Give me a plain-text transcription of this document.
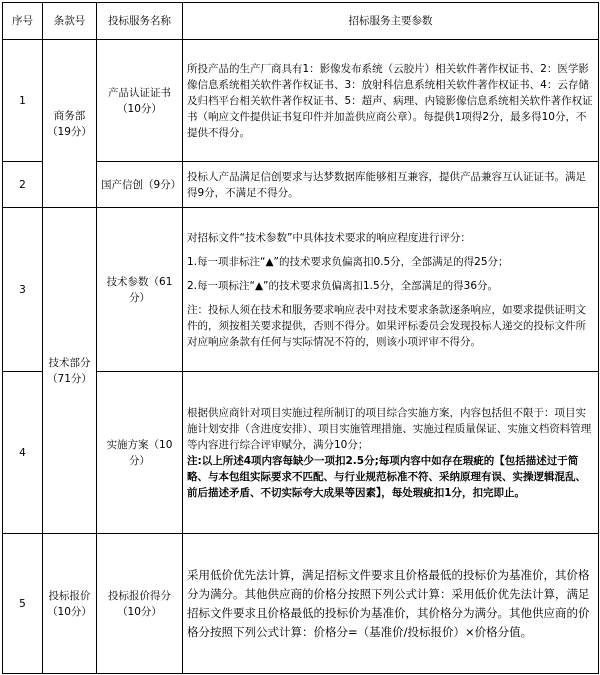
序号	条款号	投标服务名称	招标服务主要参数
1	商务部（19分）	产品认证证书（10分）	所投产品的生产厂商具有1：影像发布系统（云胶片）相关软件著作权证书、2：医学影像信息系统相关软件著作权证书、3：放射科信息系统相关软件著作权证书、4：云存储及归档平台相关软件著作权证书、5：超声、病理、内镜影像信息系统相关软件著作权证书（响应文件提供证书复印件并加盖供应商公章）。每提供1项得2分，最多得10分，不提供不得分。
2		国产信创（9分）	投标人产品满足信创要求与达梦数据库能够相互兼容，提供产品兼容互认证证书。满足得9分，不满足不得分。
3	技术部分（71分）	技术参数（61分）	对招标文件“技术参数”中具体技术要求的响应程度进行评分：

1.每一项非标注“▲”的技术要求负偏离扣0.5分，全部满足的得25分；

2.每一项标注“▲”的技术要求负偏离扣1.5分，全部满足的得36分。

注：投标人须在技术和服务要求响应表中对技术要求条款逐条响应，如要求提供证明文件的，须按相关要求提供，否则不得分。如果评标委员会发现投标人递交的投标文件所对应响应条款有任何与实际情况不符的，则该小项评审不得分。

4		实施方案（10分）	根据供应商针对项目实施过程所制订的项目综合实施方案，内容包括但不限于：项目实施计划安排（含进度安排）、项目实施管理措施、实施过程质量保证、实施文档资料管理等内容进行综合评审赋分，满分10分；

注:以上所述4项内容每缺少一项扣2.5分;每项内容中如存在瑕疵的【包括描述过于简略、与本包组实际要求不匹配、与行业规范标准不符、采纳原理有误、实操逻辑混乱、前后描述矛盾、不切实际夸大成果等因素】，每处瑕疵扣1分，扣完即止。

5	投标报价（10分）	投标报价得分（10分）	采用低价优先法计算，满足招标文件要求且价格最低的投标价为基准价，其价格分为满分。其他供应商的价格分按照下列公式计算：采用低价优先法计算，满足招标文件要求且价格最低的投标价为基准价，其价格分为满分。其他供应商的价格分按照下列公式计算：价格分=（基准价/投标报价）×价格分值。
